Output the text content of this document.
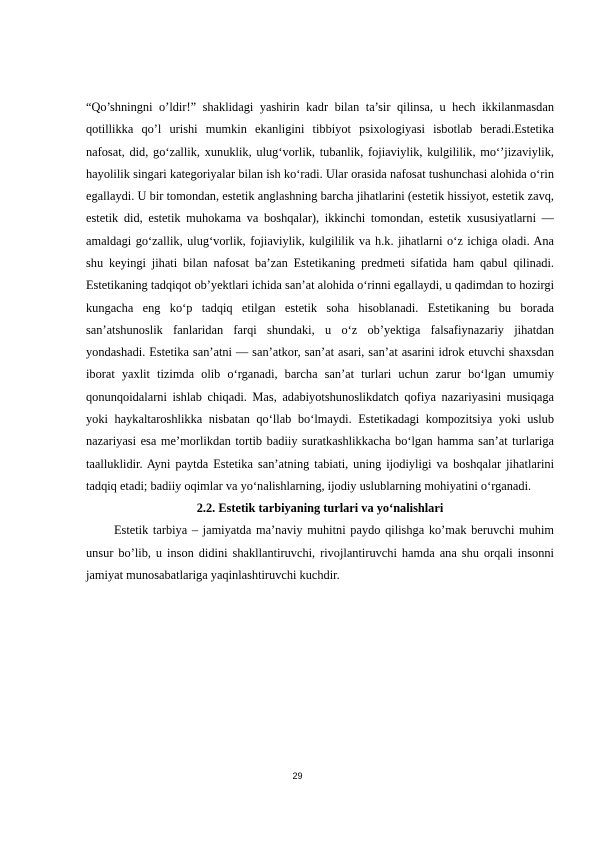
“Qo’shningni o’ldir!” shaklidagi yashirin kadr bilan ta’sir qilinsa, u hech ikkilanmasdan qotillikka qo’l urishi mumkin ekanligini tibbiyot psixologiyasi isbotlab beradi.Estetika nafosat, did, go‘zallik, xunuklik, ulug‘vorlik, tubanlik, fojiaviylik, kulgililik, mo‘’jizaviylik, hayolilik singari kategoriyalar bilan ish ko‘radi. Ular orasida nafosat tushunchasi alohida o‘rin egallaydi. U bir tomondan, estetik anglashning barcha jihatlarini (estetik hissiyot, estetik zavq, estetik did, estetik muhokama va boshqalar), ikkinchi tomondan, estetik xususiyatlarni — amaldagi go‘zallik, ulug‘vorlik, fojiaviylik, kulgililik va h.k. jihatlarni o‘z ichiga oladi. Ana shu keyingi jihati bilan nafosat ba’zan Estetikaning predmeti sifatida ham qabul qilinadi. Estetikaning tadqiqot ob’yektlari ichida san’at alohida o‘rinni egallaydi, u qadimdan to hozirgi kungacha eng ko‘p tadqiq etilgan estetik soha hisoblanadi. Estetikaning bu borada san’atshunoslik fanlaridan farqi shundaki, u o‘z ob’yektiga falsafiynazariy jihatdan yondashadi. Estetika san’atni — san’atkor, san’at asari, san’at asarini idrok etuvchi shaxsdan iborat yaxlit tizimda olib o‘rganadi, barcha san’at turlari uchun zarur bo‘lgan umumiy qonunqoidalarni ishlab chiqadi. Mas, adabiyotshunoslikdatch qofiya nazariyasini musiqaga yoki haykaltaroshlikka nisbatan qo‘llab bo‘lmaydi. Estetikadagi kompozitsiya yoki uslub nazariyasi esa me’morlikdan tortib badiiy suratkashlikkacha bo‘lgan hamma san’at turlariga taalluklidir. Ayni paytda Estetika san’atning tabiati, uning ijodiyligi va boshqalar jihatlarini tadqiq etadi; badiiy oqimlar va yo‘nalishlarning, ijodiy uslublarning mohiyatini o‘rganadi.

2.2. Estetik tarbiyaning turlari va yo‘nalishlari

Estetik tarbiya – jamiyatda ma’naviy muhitni paydo qilishga ko’mak beruvchi muhim unsur bo’lib, u inson didini shakllantiruvchi, rivojlantiruvchi hamda ana shu orqali insonni jamiyat munosabatlariga yaqinlashtiruvchi kuchdir.

29
